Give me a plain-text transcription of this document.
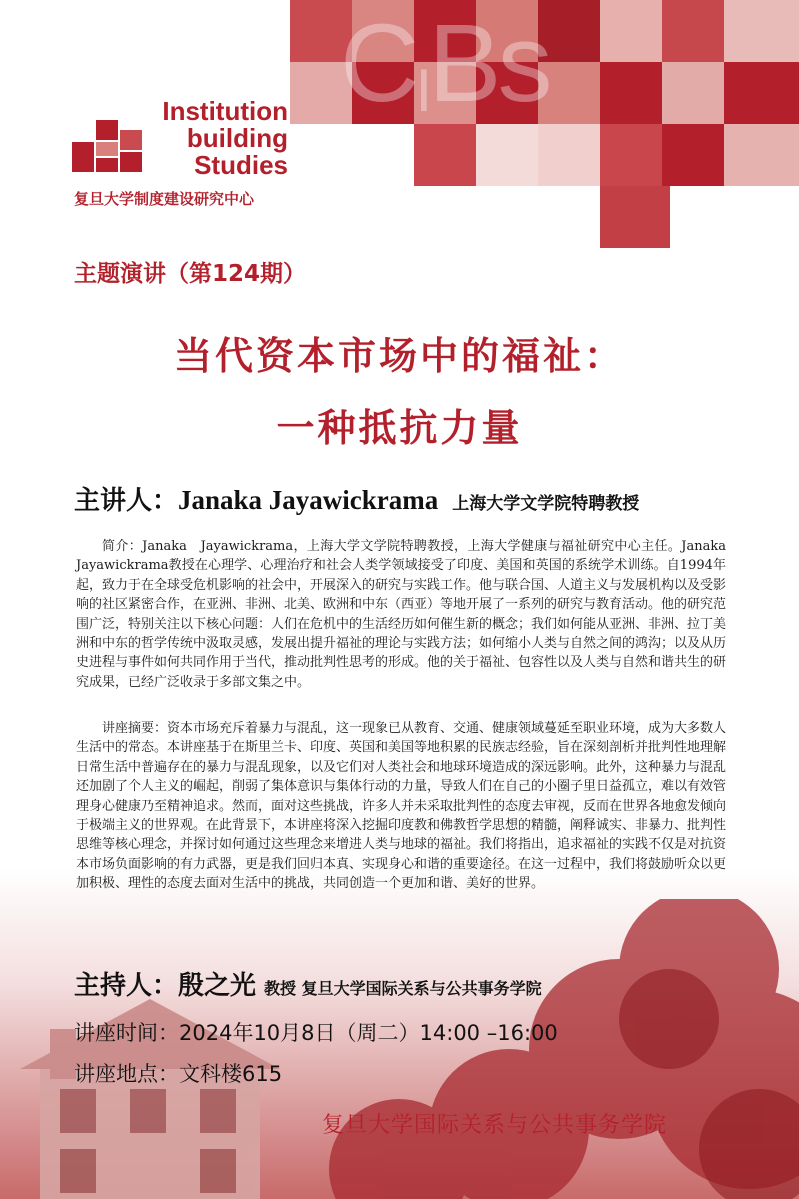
CIBs
Institution
building
Studies
复旦大学制度建设研究中心
主题演讲（第124期）
当代资本市场中的福祉：
一种抵抗力量
主讲人：Janaka Jayawickrama 上海大学文学院特聘教授

简介：Janaka　Jayawickrama，上海大学文学院特聘教授，上海大学健康与福祉研究中心主任。Janaka Jayawickrama教授在心理学、心理治疗和社会人类学领域接受了印度、美国和英国的系统学术训练。自1994年起，致力于在全球受危机影响的社会中，开展深入的研究与实践工作。他与联合国、人道主义与发展机构以及受影响的社区紧密合作，在亚洲、非洲、北美、欧洲和中东（西亚）等地开展了一系列的研究与教育活动。他的研究范围广泛，特别关注以下核心问题：人们在危机中的生活经历如何催生新的概念；我们如何能从亚洲、非洲、拉丁美洲和中东的哲学传统中汲取灵感，发展出提升福祉的理论与实践方法；如何缩小人类与自然之间的鸿沟；以及从历史进程与事件如何共同作用于当代，推动批判性思考的形成。他的关于福祉、包容性以及人类与自然和谐共生的研究成果，已经广泛收录于多部文集之中。

讲座摘要：资本市场充斥着暴力与混乱，这一现象已从教育、交通、健康领域蔓延至职业环境，成为大多数人生活中的常态。本讲座基于在斯里兰卡、印度、英国和美国等地积累的民族志经验，旨在深刻剖析并批判性地理解日常生活中普遍存在的暴力与混乱现象，以及它们对人类社会和地球环境造成的深远影响。此外，这种暴力与混乱还加剧了个人主义的崛起，削弱了集体意识与集体行动的力量，导致人们在自己的小圈子里日益孤立，难以有效管理身心健康乃至精神追求。然而，面对这些挑战，许多人并未采取批判性的态度去审视，反而在世界各地愈发倾向于极端主义的世界观。在此背景下，本讲座将深入挖掘印度教和佛教哲学思想的精髓，阐释诚实、非暴力、批判性思维等核心理念，并探讨如何通过这些理念来增进人类与地球的福祉。我们将指出，追求福祉的实践不仅是对抗资本市场负面影响的有力武器，更是我们回归本真、实现身心和谐的重要途径。在这一过程中，我们将鼓励听众以更加积极、理性的态度去面对生活中的挑战，共同创造一个更加和谐、美好的世界。

主持人：殷之光 教授 复旦大学国际关系与公共事务学院
讲座时间：2024年10月8日（周二）14:00 –16:00
讲座地点：文科楼615
复旦大学国际关系与公共事务学院
